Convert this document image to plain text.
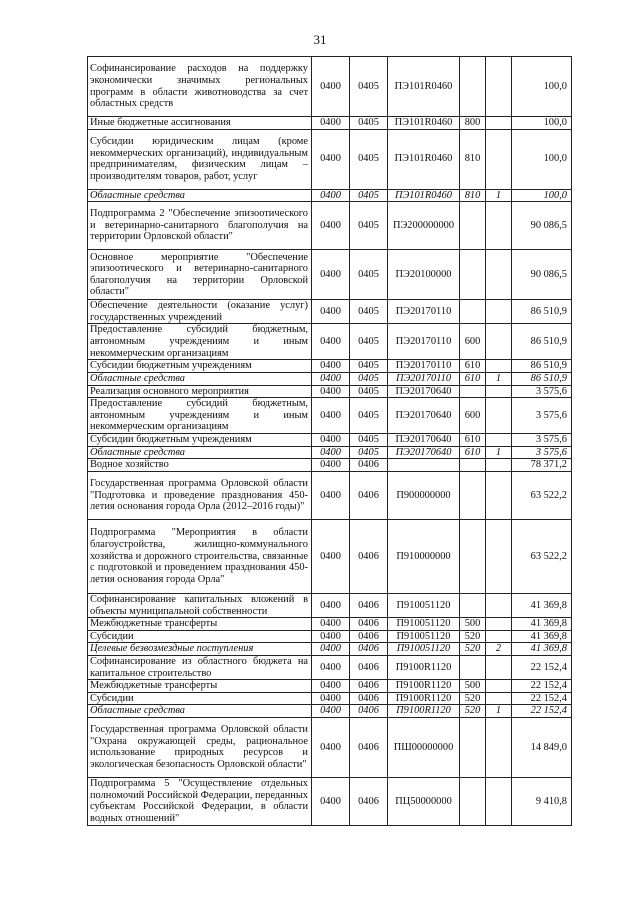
31
Софинансирование расходов на поддержку экономически значимых региональных программ в области животноводства за счет областных средств	0400	0405	ПЭ101R0460			100,0
Иные бюджетные ассигнования	0400	0405	ПЭ101R0460	800		100,0
Субсидии юридическим лицам (кроме некоммерческих организаций), индивидуальным предпринимателям, физическим лицам – производителям товаров, работ, услуг	0400	0405	ПЭ101R0460	810		100,0
Областные средства	0400	0405	ПЭ101R0460	810	1	100,0
Подпрограмма 2 "Обеспечение эпизоотического и ветеринарно-санитарного благополучия на территории Орловской области"	0400	0405	ПЭ200000000			90 086,5
Основное мероприятие "Обеспечение эпизоотического и ветеринарно-санитарного благополучия на территории Орловской области"	0400	0405	ПЭ20100000			90 086,5
Обеспечение деятельности (оказание услуг) государственных учреждений	0400	0405	ПЭ20170110			86 510,9
Предоставление субсидий бюджетным, автономным учреждениям и иным некоммерческим организациям	0400	0405	ПЭ20170110	600		86 510,9
Субсидии бюджетным учреждениям	0400	0405	ПЭ20170110	610		86 510,9
Областные средства	0400	0405	ПЭ20170110	610	1	86 510,9
Реализация основного мероприятия	0400	0405	ПЭ20170640			3 575,6
Предоставление субсидий бюджетным, автономным учреждениям и иным некоммерческим организациям	0400	0405	ПЭ20170640	600		3 575,6
Субсидии бюджетным учреждениям	0400	0405	ПЭ20170640	610		3 575,6
Областные средства	0400	0405	ПЭ20170640	610	1	3 575,6
Водное хозяйство	0400	0406				78 371,2
Государственная программа Орловской области "Подготовка и проведение празднования 450-летия основания города Орла (2012–2016 годы)"	0400	0406	П900000000			63 522,2
Подпрограмма "Мероприятия в области благоустройства, жилищно-коммунального хозяйства и дорожного строительства, связанные с подготовкой и проведением празднования 450-летия основания города Орла"	0400	0406	П910000000			63 522,2
Софинансирование капитальных вложений в объекты муниципальной собственности	0400	0406	П910051120			41 369,8
Межбюджетные трансферты	0400	0406	П910051120	500		41 369,8
Субсидии	0400	0406	П910051120	520		41 369,8
Целевые безвозмездные поступления	0400	0406	П910051120	520	2	41 369,8
Софинансирование из областного бюджета на капитальное строительство	0400	0406	П9100R1120			22 152,4
Межбюджетные трансферты	0400	0406	П9100R1120	500		22 152,4
Субсидии	0400	0406	П9100R1120	520		22 152,4
Областные средства	0400	0406	П9100R1120	520	1	22 152,4
Государственная программа Орловской области "Охрана окружающей среды, рациональное использование природных ресурсов и экологическая безопасность Орловской области"	0400	0406	ПШ00000000			14 849,0
Подпрограмма 5 "Осуществление отдельных полномочий Российской Федерации, переданных субъектам Российской Федерации, в области водных отношений"	0400	0406	ПЦ50000000			9 410,8
